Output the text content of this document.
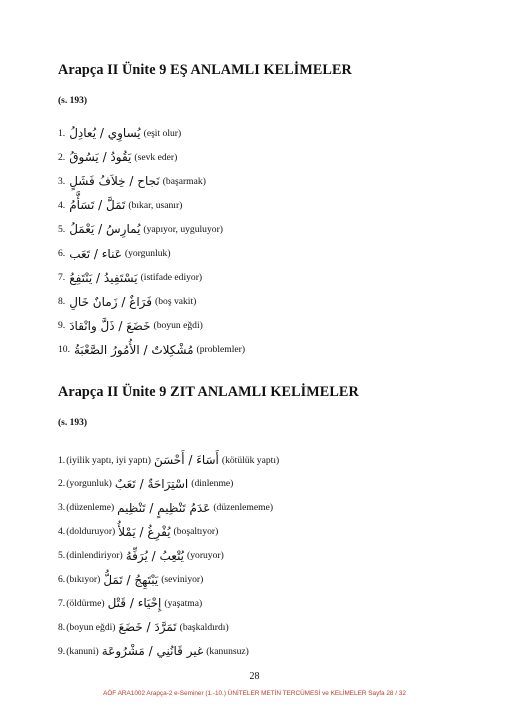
Arapça II Ünite 9 EŞ ANLAMLI KELİMELER
(s. 193)
1. يُساوِي / يُعادِلُ (eşit olur)
2. يَقُودُ / يَسُوقُ (sevk eder)
3. نَجاح / خِلاَفُ فَشَلٍ (başarmak)
4. تَمَلَّ / تَسَأَّمُ (bıkar, usanır)
5. يُمارِسُ / يَعْمَلُ (yapıyor, uyguluyor)
6. عَناء / تَعَب (yorgunluk)
7. يَسْتَفِيدُ / يَنْتَفِعُ (istifade ediyor)
8. فَرَاغٌ / زَمانٌ خَالِ (boş vakit)
9. خَضَعَ / ذَلَّ وانْقادَ (boyun eğdi)
10. مُشْكِلاتٌ / الأُمُورُ الصَّعْبَةُ (problemler)
Arapça II Ünite 9 ZIT ANLAMLI KELİMELER
(s. 193)
1. (iyilik yaptı, iyi yaptı) أَسَاءَ / أَحْسَنَ (kötülük yaptı)
2. (yorgunluk) اسْتِرَاحَةٌ / تَعَبٌ (dinlenme)
3. (düzenleme) عَدَمُ تَنْظِيمٍ / تَنْظِيم (düzenlememe)
4. (dolduruyor) يُفْرِغُ / يَمْلأُ (boşaltıyor)
5. (dinlendiriyor) يُتْعِبُ / يُرَفِّهُ (yoruyor)
6. (bıkıyor) يَبْتَهِجُ / تَمَلُّ (seviniyor)
7. (öldürme) إِحْيَاء / قَتْل (yaşatma)
8. (boyun eğdi) تَمَرَّدَ / خَضَعَ (başkaldırdı)
9. (kanuni) غير قَانُنِي / مَشْرُوعَة (kanunsuz)
28
AÖF ARA1002 Arapça-2 e-Seminer (1.-10.) ÜNİTELER METİN TERCÜMESİ ve KELİMELER Sayfa 28 / 32
